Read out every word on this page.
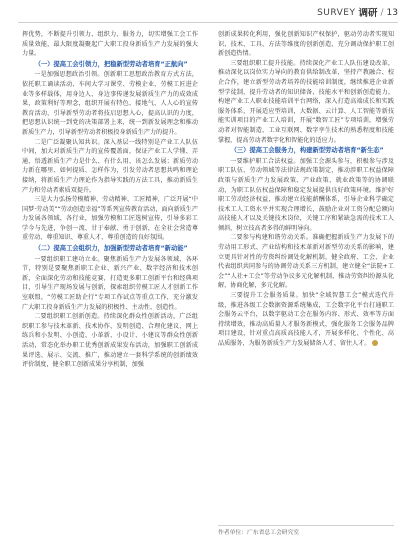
SURVEY 调研 / 13

挥优势，不断提升引领力、组织力、服务力，切实增强工会工作质量效能，最大限度凝聚起广大职工投身新质生产力发展的强大力量。

（一）提高工会引领力，把稳新型劳动者培育“正航向”

一是加强思想政治引领。创新职工思想政治教育方式方法，依托职工诵读活动、车间大学习课堂、劳模企业、劳模工匠进企业等多样载体，用身边人、身边事传递发展新质生产力的成效成果，政策利好等理念，组织开展有特色、接地气、人人心的宣传教育活动，引导新型劳动者将技启思想入心，提高认识的力度，把思想认识统一到党的决策部署上来，统一到新发展理念和推动新质生产力，引导新型劳动者积极投身新质生产力的提升。

二是广泛凝聚认知共识。深入基层一线特别是产业工人队伍中间，加大对新质生产力的宣传覆盖面，保证产业工人学懂、弄通、悟透新质生产力是什么、有什么用、该怎么发展；新质劳动力新在哪里、如何提质、怎样作为，引发劳动者思想共鸣和理论接纳，将新质生产力理论作为指导实践的方法工具，推动新质生产力和劳动者素质双提升。

三是大力弘扬劳模精神、劳动精神、工匠精神，广泛开展“中国梦·劳动美”“劳动创造幸福”等系列宣传教育活动，面向新质生产力发展各领域、各行业，加强劳模和工匠选树宣传，引导多彩工学今与先进，争创一流、甘于奉献、勇于创新，在全社会营造尊重劳动、尊重知识、尊重人才、尊重创造的良好氛围。

（二）提高工会组织力，加强新型劳动者培育“新动能”

一要组织职工建功立业。聚焦新质生产力发展各领域、各环节，特别是要聚焦新职工企业、新兴产业、数字经济和技术创新，全面深化劳动和技能竞赛，打造更多职工创新平台和经典项目，引导生产现场发展与创新，探索组织劳模工匠人才创新工作室联盟，“劳模工匠助企行”专项工作试点等重点工作，充分激发广大职工投身新质生产力发展的积极性、主动性、创造性。

二要组织职工创新创造。持续深化群众性创新活动，广泛组织职工参与技术革新、技术协作、发明创造、合理化建议、网上练兵和小发明、小创造、小革新、小设计、小建议等群众性创新活动，常态化举办职工优秀创新成果发布活动，加强职工创新成果评选、展示、交流、推广，推动建立一套科学系统的创新绩效评价制度，健全职工创新成果分享机制，加强

创新成果转化利用，强化创新知识产权保护，驱动劳动者实现知识、技术、工具、方法等维度的创新创造，充分调动保护职工创新创造热情。

三要组织职工提升技能。持续深化产业工人队伍建设改革，推动深化以岗位实力导向的教育供给制改革，坚持产教融合、校企合作，建立新型劳动者培养的技能培训制度，继续推进企业新型学徒制，提升劳动者的知识储备、技能水平和创新创造能力。构建产业工人职业技能培训平台网络，深入打造高端成长和实践服务体系，开展适应型培训，大数据、云计算、人工智能等新技能实训项目的产业工人培训，开展“数智工匠”专项培训，增强劳动者对智能制造、工业互联网、数字孪生技术的熟悉程度和技能掌握，提高劳动者数字化和智能化的适应力。

（三）提高工会服务力，构建新型劳动者培育“新生态”

一要维护职工合法权益。加强工会源头参与，积极参与涉及职工队伍、劳动领域等法律法规政策制定，推动涉职工权益保障政策与新质生产力发展政策、产业政策、就业政策等的协调联动，为职工队伍权益保障和稳定发展提供良好政策环境。维护好职工劳动经济权益，推动建立技能薪酬体系，引导企业科学确定技术工人工资水平并实现合理增长，鼓励企业对工资分配总额向高技能人才以及关键技术岗位，关键工序和紧缺急需的技术工人倾斜，树立技高者多得的鲜明导向。

二要参与构建和谐劳动关系。准确把握新质生产力发展下的劳动用工形式、产业结构和技术革新对新型劳动关系的影响，建立更具针对性的劳资纠纷调处化解机制，健全政府、工会、企业代表组织共同参与的协调劳动关系三方机制，建立健全“法院+工会”“人社+工会”等劳动争议多元化解机制，推动劳资纠纷源头化解，协商化解，多元化解。

三要提升工会服务质量。加快“全域智慧工会”模式迭代升级，推进各级工会数据资源系统集成，工会数字化平台打通职工会服务云平台，以数字驱动工会在服务内容、形式、效率等方面持续增效，推动高质量人才服务新模式，强化服务工会服务品牌项目建设，针对重点高质高技能人才，开展多样化、个性化、高品质服务，为服务新质生产力发展储备人才、留住人才。

作者单位：广东省总工会研究室
